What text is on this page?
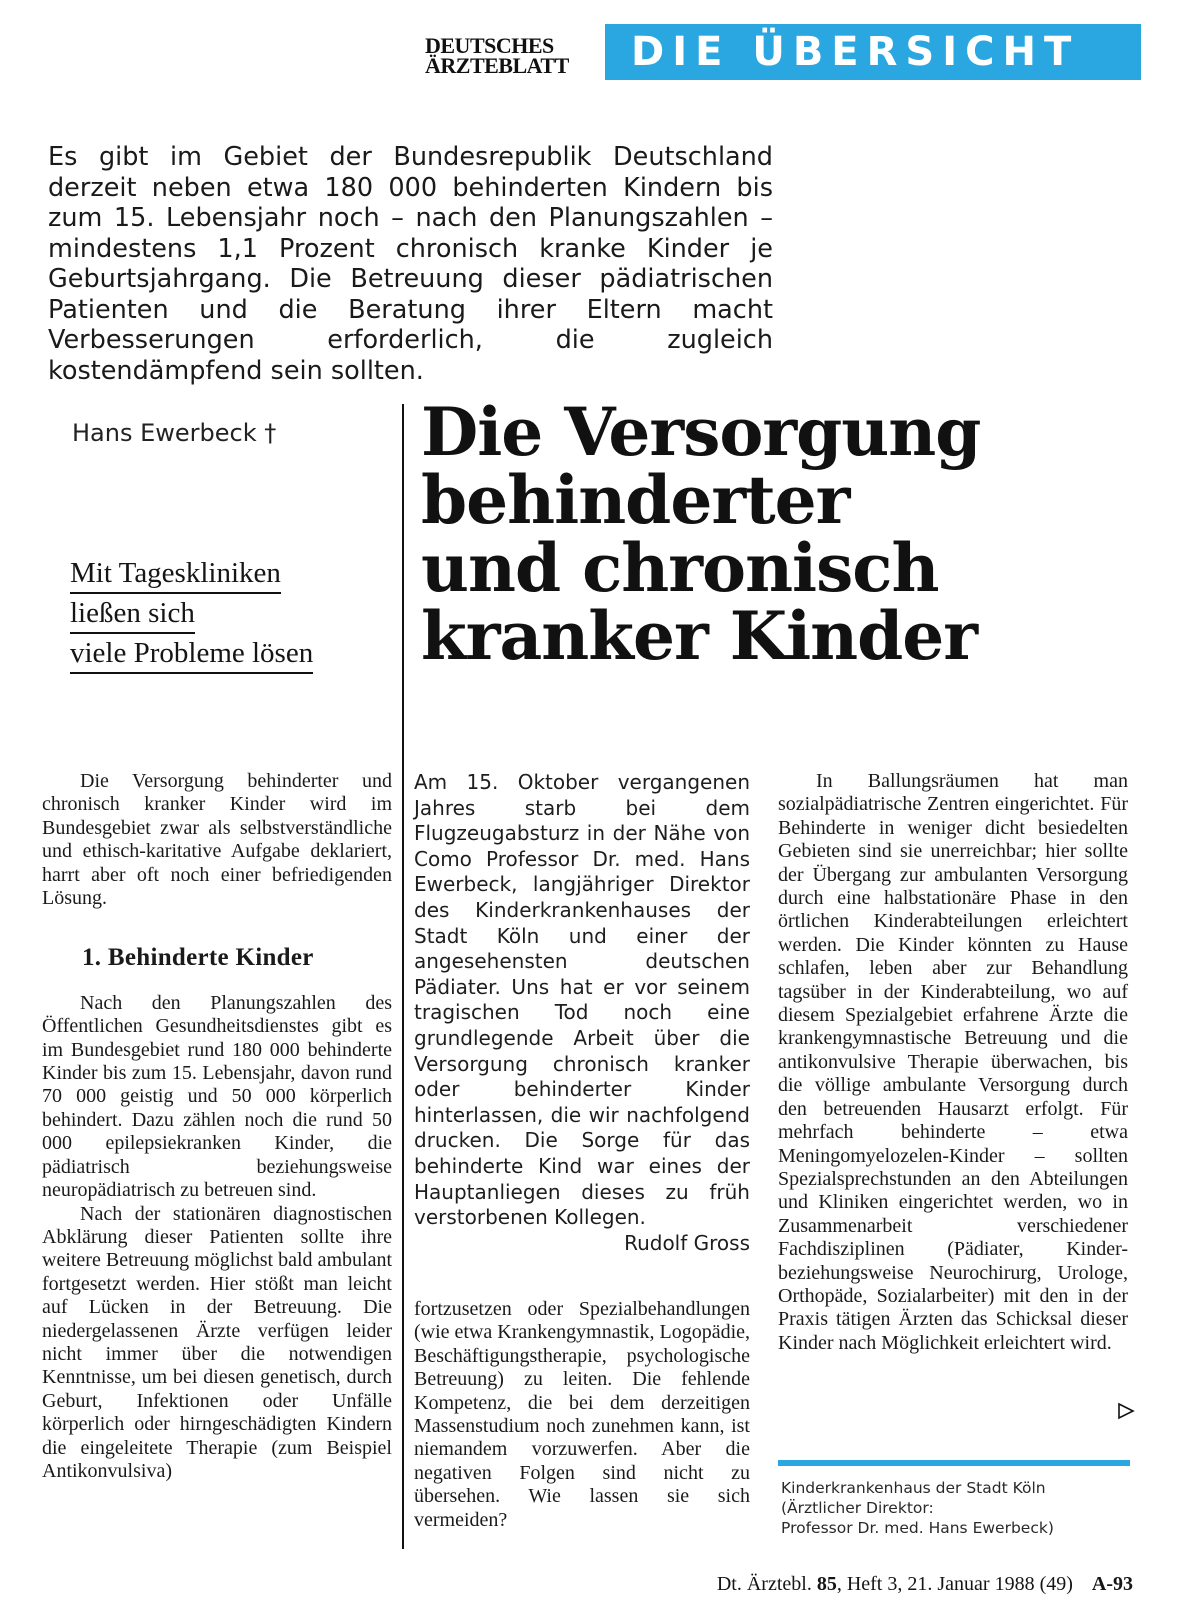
DEUTSCHES
ÄRZTEBLATT	DIE ÜBERSICHT
Es gibt im Gebiet der Bundesrepublik Deutschland derzeit neben etwa 180 000 behinderten Kindern bis zum 15. Lebensjahr noch – nach den Planungszahlen – mindestens 1,1 Prozent chronisch kranke Kinder je Geburtsjahrgang. Die Betreuung dieser pädiatrischen Patienten und die Beratung ihrer Eltern macht Verbesserungen erforderlich, die zugleich kostendämpfend sein sollten.
Hans Ewerbeck †
Mit Tageskliniken
ließen sich
viele Probleme lösen
Die Versorgung
behinderter
und chronisch
kranker Kinder

Die Versorgung behinderter und chronisch kranker Kinder wird im Bundesgebiet zwar als selbstverständliche und ethisch-karitative Aufgabe deklariert, harrt aber oft noch einer befriedigenden Lösung.

1. Behinderte Kinder

Nach den Planungszahlen des Öffentlichen Gesundheitsdienstes gibt es im Bundesgebiet rund 180 000 behinderte Kinder bis zum 15. Lebensjahr, davon rund 70 000 geistig und 50 000 körperlich behindert. Dazu zählen noch die rund 50 000 epilepsiekranken Kinder, die pädiatrisch beziehungsweise neuropädiatrisch zu betreuen sind.

Nach der stationären diagnostischen Abklärung dieser Patienten sollte ihre weitere Betreuung möglichst bald ambulant fortgesetzt werden. Hier stößt man leicht auf Lücken in der Betreuung. Die niedergelassenen Ärzte verfügen leider nicht immer über die notwendigen Kenntnisse, um bei diesen genetisch, durch Geburt, Infektionen oder Unfälle körperlich oder hirngeschädigten Kindern die eingeleitete Therapie (zum Beispiel Antikonvulsiva)

Am 15. Oktober vergangenen Jahres starb bei dem Flugzeugabsturz in der Nähe von Como Professor Dr. med. Hans Ewerbeck, langjähriger Direktor des Kinderkrankenhauses der Stadt Köln und einer der angesehensten deutschen Pädiater. Uns hat er vor seinem tragischen Tod noch eine grundlegende Arbeit über die Versorgung chronisch kranker oder behinderter Kinder hinterlassen, die wir nachfolgend drucken. Die Sorge für das behinderte Kind war eines der Hauptanliegen dieses zu früh verstorbenen Kollegen.
Rudolf Gross

fortzusetzen oder Spezialbehandlungen (wie etwa Krankengymnastik, Logopädie, Beschäftigungstherapie, psychologische Betreuung) zu leiten. Die fehlende Kompetenz, die bei dem derzeitigen Massenstudium noch zunehmen kann, ist niemandem vorzuwerfen. Aber die negativen Folgen sind nicht zu übersehen. Wie lassen sie sich vermeiden?

In Ballungsräumen hat man sozialpädiatrische Zentren eingerichtet. Für Behinderte in weniger dicht besiedelten Gebieten sind sie unerreichbar; hier sollte der Übergang zur ambulanten Versorgung durch eine halbstationäre Phase in den örtlichen Kinderabteilungen erleichtert werden. Die Kinder könnten zu Hause schlafen, leben aber zur Behandlung tagsüber in der Kinderabteilung, wo auf diesem Spezialgebiet erfahrene Ärzte die krankengymnastische Betreuung und die antikonvulsive Therapie überwachen, bis die völlige ambulante Versorgung durch den betreuenden Hausarzt erfolgt. Für mehrfach behinderte – etwa Meningomyelozelen-Kinder – sollten Spezialsprechstunden an den Abteilungen und Kliniken eingerichtet werden, wo in Zusammenarbeit verschiedener Fachdisziplinen (Pädiater, Kinder- beziehungsweise Neurochirurg, Urologe, Orthopäde, Sozialarbeiter) mit den in der Praxis tätigen Ärzten das Schicksal dieser Kinder nach Möglichkeit erleichtert wird.

Kinderkrankenhaus der Stadt Köln
(Ärztlicher Direktor:
Professor Dr. med. Hans Ewerbeck)
Dt. Ärztebl. 85, Heft 3, 21. Januar 1988 (49) A-93
